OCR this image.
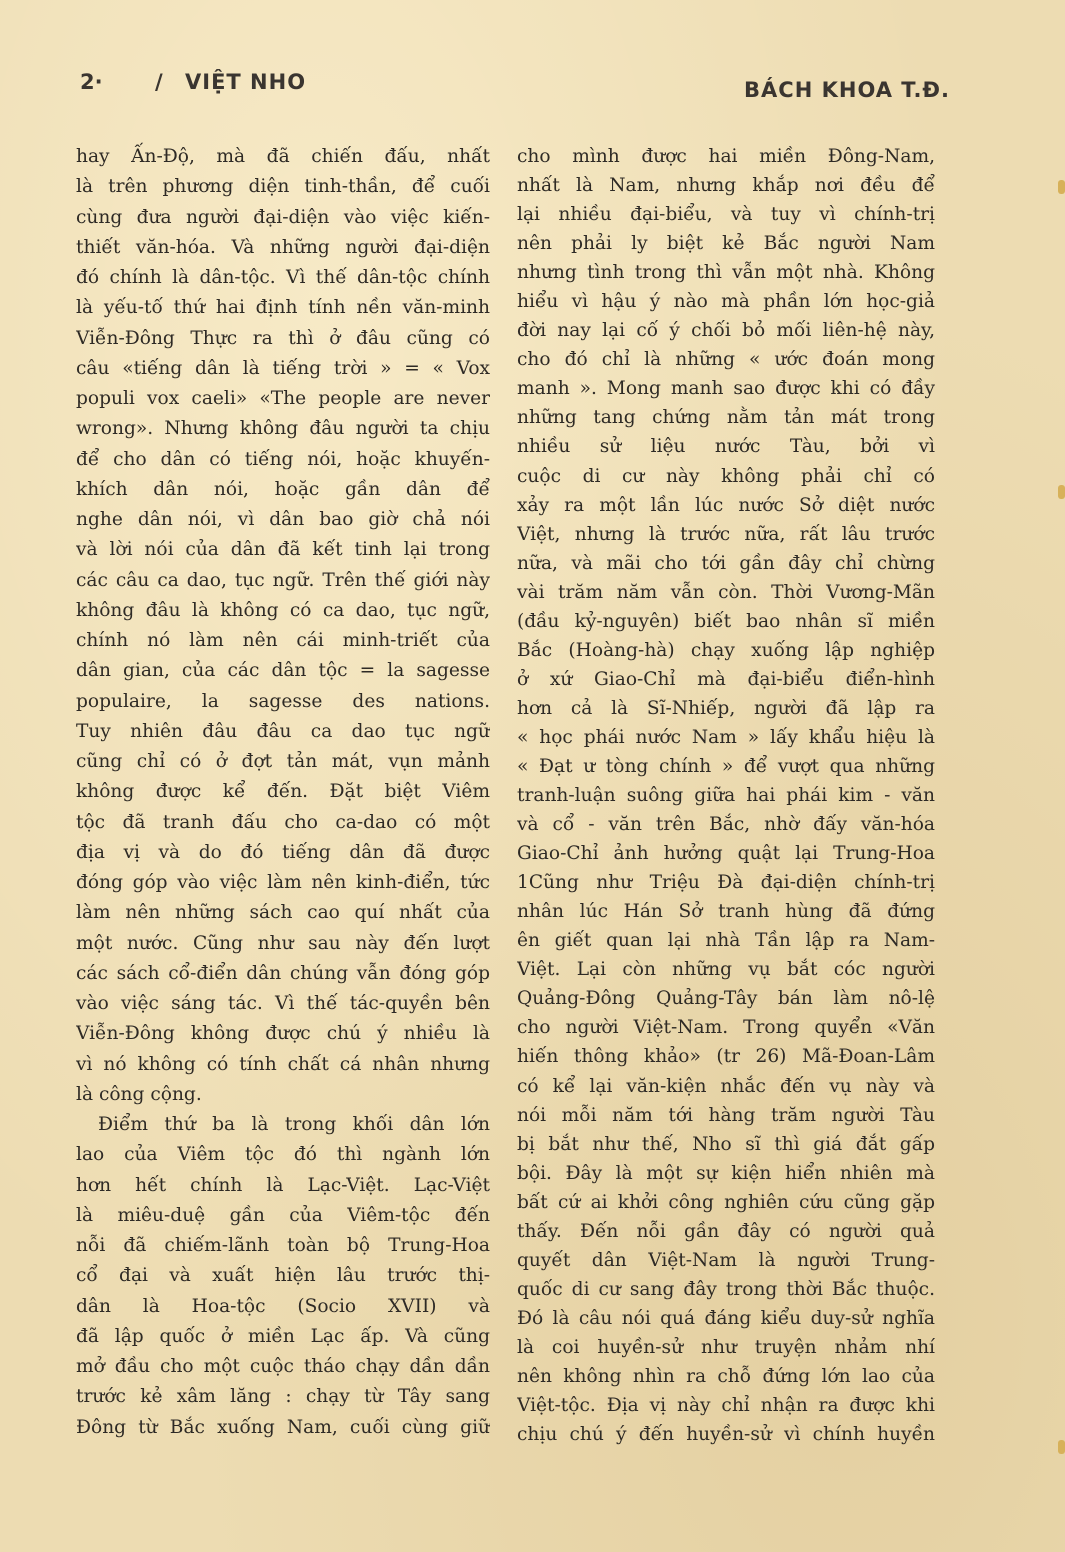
2· / VIỆT NHO	BÁCH KHOA T.Đ.
hay Ấn-Độ, mà đã chiến đấu, nhất
là trên phương diện tinh-thần, để cuối
cùng đưa người đại-diện vào việc kiến-
thiết văn-hóa. Và những người đại-diện
đó chính là dân-tộc. Vì thế dân-tộc chính
là yếu-tố thứ hai định tính nền văn-minh
Viễn-Đông Thực ra thì ở đâu cũng có
câu «tiếng dân là tiếng trời » = « Vox
populi vox caeli» «The people are never
wrong». Nhưng không đâu người ta chịu
để cho dân có tiếng nói, hoặc khuyến-
khích dân nói, hoặc gần dân để
nghe dân nói, vì dân bao giờ chả nói
và lời nói của dân đã kết tinh lại trong
các câu ca dao, tục ngữ. Trên thế giới này
không đâu là không có ca dao, tục ngữ,
chính nó làm nên cái minh-triết của
dân gian, của các dân tộc = la sagesse
populaire, la sagesse des nations.
Tuy nhiên đâu đâu ca dao tục ngữ
cũng chỉ có ở đợt tản mát, vụn mảnh
không được kể đến. Đặt biệt Viêm
tộc đã tranh đấu cho ca-dao có một
địa vị và do đó tiếng dân đã được
đóng góp vào việc làm nên kinh-điển, tức
làm nên những sách cao quí nhất của
một nước. Cũng như sau này đến lượt
các sách cổ-điển dân chúng vẫn đóng góp
vào việc sáng tác. Vì thế tác-quyền bên
Viễn-Đông không được chú ý nhiều là
vì nó không có tính chất cá nhân nhưng
là công cộng.
Điểm thứ ba là trong khối dân lớn
lao của Viêm tộc đó thì ngành lớn
hơn hết chính là Lạc-Việt. Lạc-Việt
là miêu-duệ gần của Viêm-tộc đến
nỗi đã chiếm-lãnh toàn bộ Trung-Hoa
cổ đại và xuất hiện lâu trước thị-
dân là Hoa-tộc (Socio XVII) và
đã lập quốc ở miền Lạc ấp. Và cũng
mở đầu cho một cuộc tháo chạy dần dần
trước kẻ xâm lăng : chạy từ Tây sang
Đông từ Bắc xuống Nam, cuối cùng giữ
cho mình được hai miền Đông-Nam,
nhất là Nam, nhưng khắp nơi đều để
lại nhiều đại-biểu, và tuy vì chính-trị
nên phải ly biệt kẻ Bắc người Nam
nhưng tình trong thì vẫn một nhà. Không
hiểu vì hậu ý nào mà phần lớn học-giả
đời nay lại cố ý chối bỏ mối liên-hệ này,
cho đó chỉ là những « ước đoán mong
manh ». Mong manh sao được khi có đầy
những tang chứng nằm tản mát trong
nhiều sử liệu nước Tàu, bởi vì
cuộc di cư này không phải chỉ có
xảy ra một lần lúc nước Sở diệt nước
Việt, nhưng là trước nữa, rất lâu trước
nữa, và mãi cho tới gần đây chỉ chừng
vài trăm năm vẫn còn. Thời Vương-Mãn
(đầu kỷ-nguyên) biết bao nhân sĩ miền
Bắc (Hoàng-hà) chạy xuống lập nghiệp
ở xứ Giao-Chỉ mà đại-biểu điển-hình
hơn cả là Sĩ-Nhiếp, người đã lập ra
« học phái nước Nam » lấy khẩu hiệu là
« Đạt ư tòng chính » để vượt qua những
tranh-luận suông giữa hai phái kim - văn
và cổ - văn trên Bắc, nhờ đấy văn-hóa
Giao-Chỉ ảnh hưởng quật lại Trung-Hoa
1Cũng như Triệu Đà đại-diện chính-trị
nhân lúc Hán Sở tranh hùng đã đứng
ên giết quan lại nhà Tần lập ra Nam-
Việt. Lại còn những vụ bắt cóc người
Quảng-Đông Quảng-Tây bán làm nô-lệ
cho người Việt-Nam. Trong quyển «Văn
hiến thông khảo» (tr 26) Mã-Đoan-Lâm
có kể lại văn-kiện nhắc đến vụ này và
nói mỗi năm tới hàng trăm người Tàu
bị bắt như thế, Nho sĩ thì giá đắt gấp
bội. Đây là một sự kiện hiển nhiên mà
bất cứ ai khởi công nghiên cứu cũng gặp
thấy. Đến nỗi gần đây có người quả
quyết dân Việt-Nam là người Trung-
quốc di cư sang đây trong thời Bắc thuộc.
Đó là câu nói quá đáng kiểu duy-sử nghĩa
là coi huyền-sử như truyện nhảm nhí
nên không nhìn ra chỗ đứng lớn lao của
Việt-tộc. Địa vị này chỉ nhận ra được khi
chịu chú ý đến huyền-sử vì chính huyền
